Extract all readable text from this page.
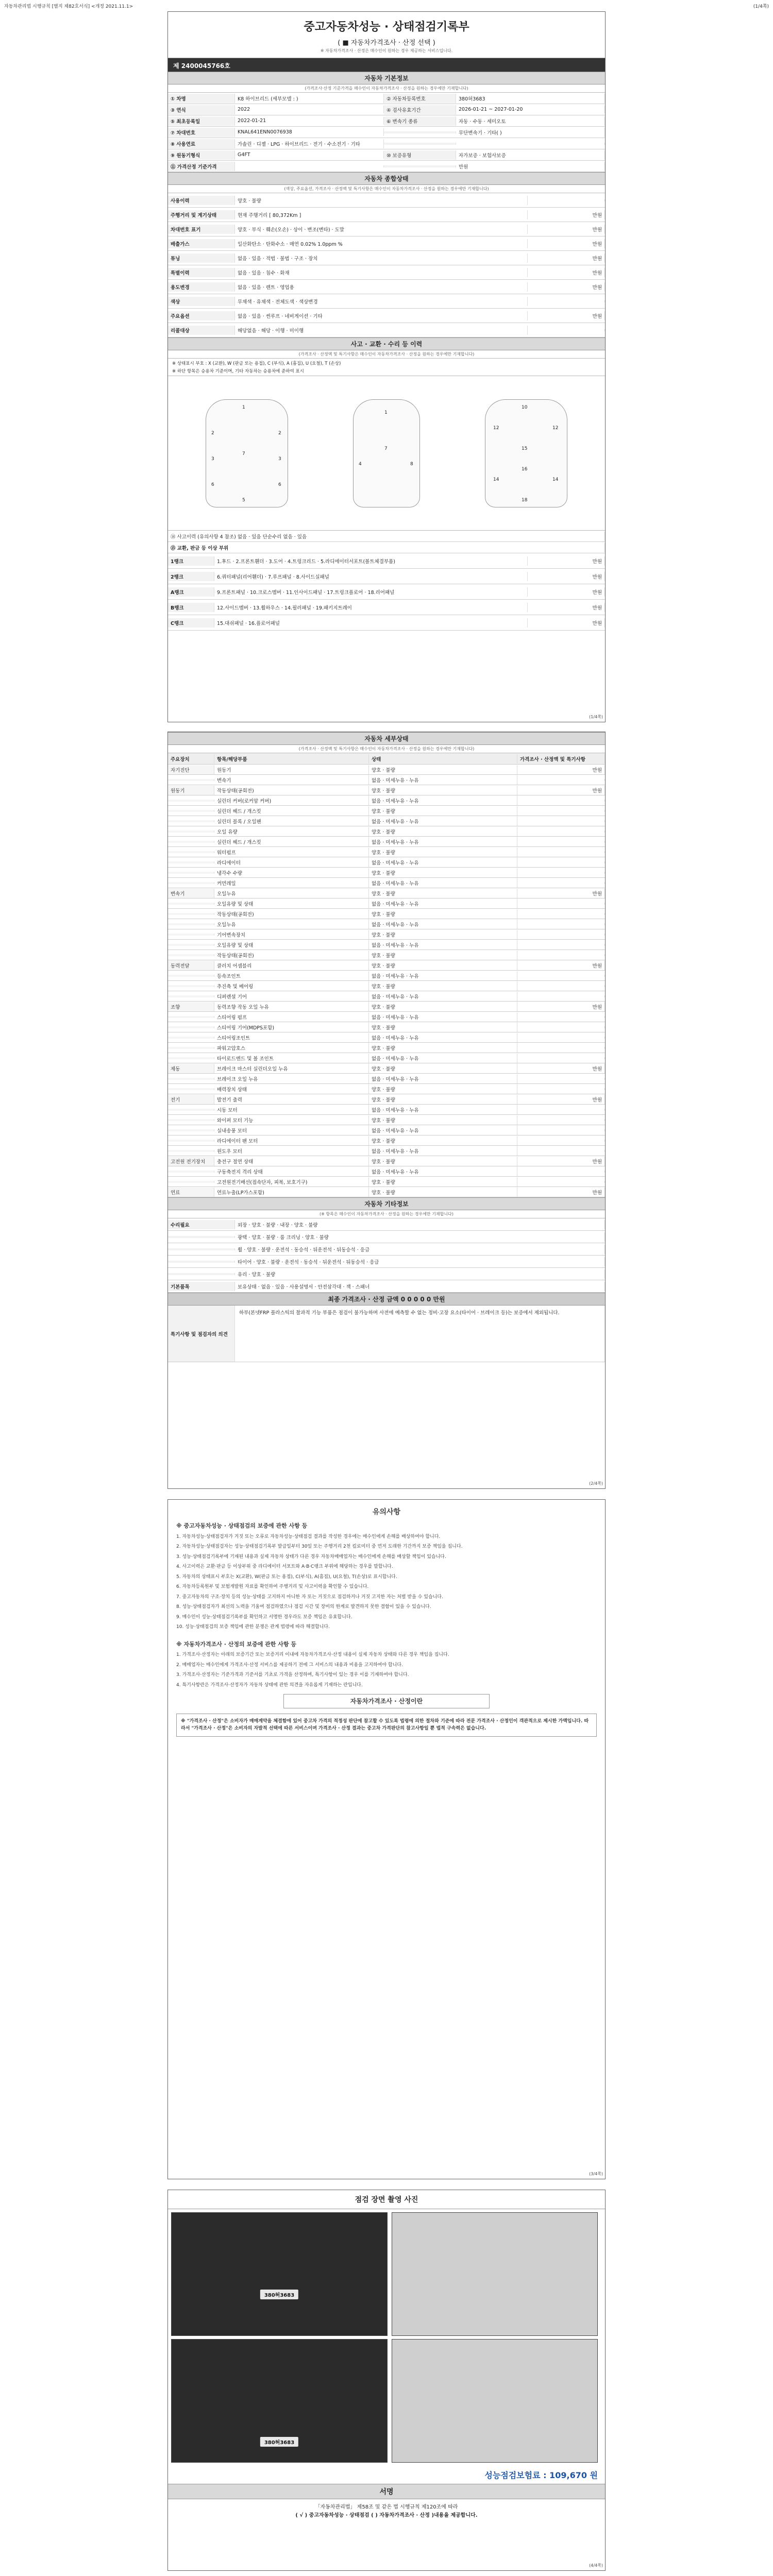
자동차관리법 시행규칙 [별지 제82호서식] <개정 2021.11.1>	(1/4쪽)
중고자동차성능 · 상태점검기록부
( ■ 자동차가격조사 · 산정 선택 )
※ 자동차가격조사 · 산정은 매수인이 원하는 경우 제공하는 서비스입니다.
제 2400045766호
자동차 기본정보
(가격조사·산정 기준가격을 매수인이 자동차가격조사 · 산정을 원하는 경우에만 기재합니다)
① 차명	K8 하이브리드 (세부모델 : )	② 자동차등록번호	380허3683
③ 연식	2022	④ 검사유효기간	2026-01-21 ~ 2027-01-20
⑤ 최초등록일	2022-01-21	⑥ 변속기 종류	자동 · 수동 · 세미오토
⑦ 차대번호	KNAL641ENN0076938	무단변속기 · 기타( )
⑧ 사용연료	가솔린 · 디젤 · LPG · 하이브리드 · 전기 · 수소전기 · 기타
⑨ 원동기형식	G4FT	⑩ 보증유형	자가보증 · 보험사보증
⑪ 가격산정 기준가격	만원
자동차 종합상태
(색상, 주요옵션, 가격조사 · 산정액 및 특기사항은 매수인이 자동차가격조사 · 산정을 원하는 경우에만 기재합니다)
사용이력	양호 · 불량
주행거리 및 계기상태	현재 주행거리 [ 80,372Km ]	만원
차대번호 표기	양호 · 부식 · 훼손(오손) · 상이 · 변조(변타) · 도말	만원
배출가스	일산화탄소 · 탄화수소 · 매연 0.02% 1.0ppm %	만원
튜닝	없음 · 있음 · 적법 · 불법 · 구조 · 장치	만원
특별이력	없음 · 있음 · 침수 · 화재	만원
용도변경	없음 · 있음 · 렌트 · 영업용	만원
색상	무채색 · 유채색 · 전체도색 · 색상변경
주요옵션	없음 · 있음 · 썬루프 · 네비게이션 · 기타	만원
리콜대상	해당없음 · 해당 · 이행 · 미이행
사고 · 교환 · 수리 등 이력
(가격조사 · 산정액 및 특기사항은 매수인이 자동차가격조사 · 산정을 원하는 경우에만 기재합니다)
※ 상태표시 부호 : X (교환), W (판금 또는 용접), C (부식), A (흠집), U (요철), T (손상)
※ 하단 항목은 승용차 기준이며, 기타 자동차는 승용차에 준하여 표시
1
2	2
3	3
7
6	6
5
1
7
4	8
10
12	12
15
16
14	14
18
⑭ 사고이력 (유의사항 4 참조) 없음 · 있음 단순수리 없음 · 있음
⑮ 교환, 판금 등 이상 부위
1랭크	1.후드 · 2.프론트휀더 · 3.도어 · 4.트렁크리드 · 5.라디에이터서포트(볼트체결부품)	만원
2랭크	6.쿼터패널(리어휀더) · 7.루프패널 · 8.사이드실패널	만원
A랭크	9.프론트패널 · 10.크로스멤버 · 11.인사이드패널 · 17.트렁크플로어 · 18.리어패널	만원
B랭크	12.사이드멤버 · 13.휠하우스 · 14.필러패널 · 19.패키지트레이	만원
C랭크	15.대쉬패널 · 16.플로어패널	만원
(1/4쪽)
자동차 세부상태
(가격조사 · 산정액 및 특기사항은 매수인이 자동차가격조사 · 산정을 원하는 경우에만 기재합니다)
주요장치	항목/해당부품	상태	가격조사 · 산정액 및 특기사항
자기진단	원동기	양호 · 불량	만원
변속기	없음 · 미세누유 · 누유
원동기	작동상태(공회전)	양호 · 불량	만원
실린더 커버(로커암 커버)	없음 · 미세누유 · 누유
실린더 헤드 / 개스킷	양호 · 불량
실린더 블록 / 오일팬	없음 · 미세누유 · 누유
오일 유량	양호 · 불량
실린더 헤드 / 개스킷	없음 · 미세누유 · 누유
워터펌프	양호 · 불량
라디에이터	없음 · 미세누유 · 누유
냉각수 수량	양호 · 불량
커먼레일	없음 · 미세누유 · 누유
변속기	오일누유	양호 · 불량	만원
오일유량 및 상태	없음 · 미세누유 · 누유
작동상태(공회전)	양호 · 불량
오일누유	없음 · 미세누유 · 누유
기어변속장치	양호 · 불량
오일유량 및 상태	없음 · 미세누유 · 누유
작동상태(공회전)	양호 · 불량
동력전달	클러치 어셈블리	양호 · 불량	만원
등속조인트	없음 · 미세누유 · 누유
추진축 및 베어링	양호 · 불량
디퍼렌셜 기어	없음 · 미세누유 · 누유
조향	동력조향 작동 오일 누유	양호 · 불량	만원
스티어링 펌프	없음 · 미세누유 · 누유
스티어링 기어(MDPS포함)	양호 · 불량
스티어링조인트	없음 · 미세누유 · 누유
파워고압호스	양호 · 불량
타이로드엔드 및 볼 조인트	없음 · 미세누유 · 누유
제동	브레이크 마스터 실린더오일 누유	양호 · 불량	만원
브레이크 오일 누유	없음 · 미세누유 · 누유
배력장치 상태	양호 · 불량
전기	발전기 출력	양호 · 불량	만원
시동 모터	없음 · 미세누유 · 누유
와이퍼 모터 기능	양호 · 불량
실내송풍 모터	없음 · 미세누유 · 누유
라디에이터 팬 모터	양호 · 불량
윈도우 모터	없음 · 미세누유 · 누유
고전원 전기장치	충전구 절연 상태	양호 · 불량	만원
구동축전지 격리 상태	없음 · 미세누유 · 누유
고전원전기배선(접속단자, 피복, 보호기구)	양호 · 불량
연료	연료누출(LP가스포함)	양호 · 불량	만원
자동차 기타정보
(※ 항목은 매수인이 자동차가격조사 · 산정을 원하는 경우에만 기재합니다)
수리필요	외장 · 양호 · 불량 · 내장 · 양호 · 불량
광택 · 양호 · 불량 · 룸 크리닝 · 양호 · 불량
휠 · 양호 · 불량 · 운전석 · 동승석 · 뒤운전석 · 뒤동승석 · 응급
타이어 · 양호 · 불량 · 운전석 · 동승석 · 뒤운전석 · 뒤동승석 · 응급
유리 · 양호 · 불량
기본품목	보유상태 · 없음 · 있음 · 사용설명서 · 안전삼각대 · 잭 · 스패너
최종 가격조사 · 산정 금액 0 0 0 0 0 만원
특기사항 및 점검자의 의견
하부(본넷FRP 플라스틱의 찰과적 기능 부품은 점검이 불가능하며 사전에 예측할 수 없는 정비·고장 요소(타이어 · 브레이크 등)는 보증에서 제외됩니다.
(2/4쪽)
유의사항
※ 중고자동차성능 · 상태점검의 보증에 관한 사항 등

1. 자동차성능·상태점검자가 거짓 또는 오류로 자동차성능·상태점검 결과를 작성한 경우에는 매수인에게 손해를 배상하여야 합니다.

2. 자동차성능·상태점검자는 성능·상태점검기록부 발급일부터 30일 또는 주행거리 2천 킬로미터 중 먼저 도래한 기간까지 보증 책임을 집니다.

3. 성능·상태점검기록부에 기재된 내용과 실제 자동차 상태가 다른 경우 자동차매매업자는 매수인에게 손해를 배상할 책임이 있습니다.

4. 사고이력은 교환·판금 등 이상부위 중 라디에이터 서포트와 A·B·C랭크 부위에 해당하는 경우를 말합니다.

5. 자동차의 상태표시 부호는 X(교환), W(판금 또는 용접), C(부식), A(흠집), U(요철), T(손상)로 표시합니다.

6. 자동차등록원부 및 보험개발원 자료를 확인하여 주행거리 및 사고이력을 확인할 수 있습니다.

7. 중고자동차의 구조·장치 등의 성능·상태를 고지하지 아니한 자 또는 거짓으로 점검하거나 거짓 고지한 자는 처벌 받을 수 있습니다.

8. 성능·상태점검자가 최선의 노력을 기울여 점검하였으나 점검 시간 및 장비의 한계로 발견하지 못한 결함이 있을 수 있습니다.

9. 매수인이 성능·상태점검기록부를 확인하고 서명한 경우라도 보증 책임은 유효합니다.

10. 성능·상태점검의 보증 책임에 관한 분쟁은 관계 법령에 따라 해결합니다.

※ 자동차가격조사 · 산정의 보증에 관한 사항 등

1. 가격조사·산정자는 아래의 보증기간 또는 보증거리 이내에 자동차가격조사·산정 내용이 실제 자동차 상태와 다른 경우 책임을 집니다.

2. 매매업자는 매수인에게 가격조사·산정 서비스를 제공하기 전에 그 서비스의 내용과 비용을 고지하여야 합니다.

3. 가격조사·산정자는 기준가격과 기준서를 기초로 가격을 산정하며, 특기사항이 있는 경우 이를 기재하여야 합니다.

4. 특기사항란은 가격조사·산정자가 자동차 상태에 관한 의견을 자유롭게 기재하는 란입니다.

자동차가격조사 · 산정이란
※ "가격조사 · 산정"은 소비자가 매매계약을 체결함에 있어 중고차 가격의 적정성 판단에 참고할 수 있도록 법령에 의한 절차와 기준에 따라 전문 가격조사 · 산정인이 객관적으로 제시한 가액입니다. 따라서 "가격조사 · 산정"은 소비자의 자발적 선택에 따른 서비스이며 가격조사 · 산정 결과는 중고차 가격판단의 참고사항일 뿐 법적 구속력은 없습니다.
(3/4쪽)
점검 장면 촬영 사진
380허3683
380허3683
성능점검보험료 : 109,670 원
서명
「자동차관리법」 제58조 및 같은 법 시행규칙 제120조에 따라
( √ ) 중고자동차성능 · 상태점검 ( ) 자동차가격조사 · 산정 )내용을 제공합니다.
(4/4쪽)
